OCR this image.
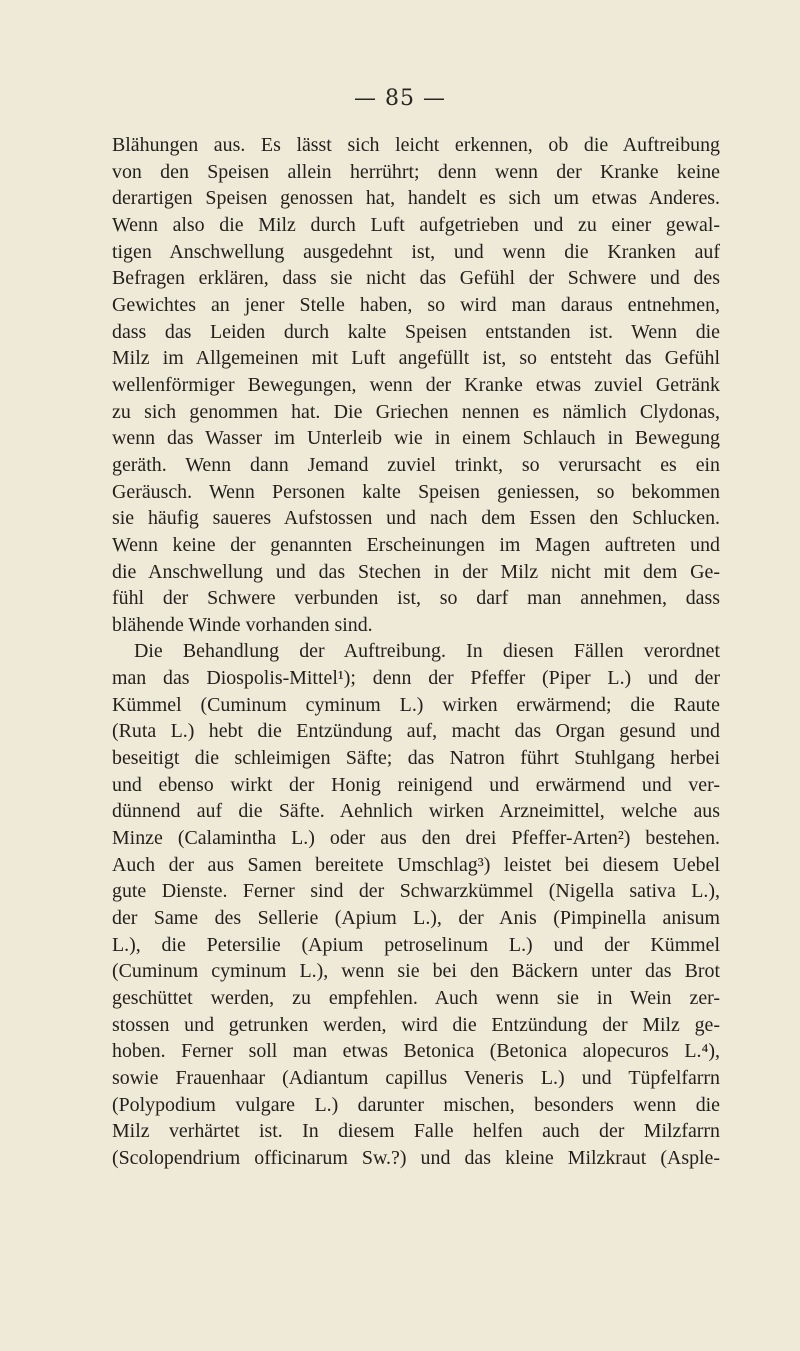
— 85 —
Blähungen aus. Es lässt sich leicht erkennen, ob die Auftreibung
von den Speisen allein herrührt; denn wenn der Kranke keine
derartigen Speisen genossen hat, handelt es sich um etwas Anderes.
Wenn also die Milz durch Luft aufgetrieben und zu einer gewal-
tigen Anschwellung ausgedehnt ist, und wenn die Kranken auf
Befragen erklären, dass sie nicht das Gefühl der Schwere und des
Gewichtes an jener Stelle haben, so wird man daraus entnehmen,
dass das Leiden durch kalte Speisen entstanden ist. Wenn die
Milz im Allgemeinen mit Luft angefüllt ist, so entsteht das Gefühl
wellenförmiger Bewegungen, wenn der Kranke etwas zuviel Getränk
zu sich genommen hat. Die Griechen nennen es nämlich Clydonas,
wenn das Wasser im Unterleib wie in einem Schlauch in Bewegung
geräth. Wenn dann Jemand zuviel trinkt, so verursacht es ein
Geräusch. Wenn Personen kalte Speisen geniessen, so bekommen
sie häufig saueres Aufstossen und nach dem Essen den Schlucken.
Wenn keine der genannten Erscheinungen im Magen auftreten und
die Anschwellung und das Stechen in der Milz nicht mit dem Ge-
fühl der Schwere verbunden ist, so darf man annehmen, dass
blähende Winde vorhanden sind.
Die Behandlung der Auftreibung. In diesen Fällen verordnet
man das Diospolis-Mittel¹); denn der Pfeffer (Piper L.) und der
Kümmel (Cuminum cyminum L.) wirken erwärmend; die Raute
(Ruta L.) hebt die Entzündung auf, macht das Organ gesund und
beseitigt die schleimigen Säfte; das Natron führt Stuhlgang herbei
und ebenso wirkt der Honig reinigend und erwärmend und ver-
dünnend auf die Säfte. Aehnlich wirken Arzneimittel, welche aus
Minze (Calamintha L.) oder aus den drei Pfeffer-Arten²) bestehen.
Auch der aus Samen bereitete Umschlag³) leistet bei diesem Uebel
gute Dienste. Ferner sind der Schwarzkümmel (Nigella sativa L.),
der Same des Sellerie (Apium L.), der Anis (Pimpinella anisum
L.), die Petersilie (Apium petroselinum L.) und der Kümmel
(Cuminum cyminum L.), wenn sie bei den Bäckern unter das Brot
geschüttet werden, zu empfehlen. Auch wenn sie in Wein zer-
stossen und getrunken werden, wird die Entzündung der Milz ge-
hoben. Ferner soll man etwas Betonica (Betonica alopecuros L.⁴),
sowie Frauenhaar (Adiantum capillus Veneris L.) und Tüpfelfarrn
(Polypodium vulgare L.) darunter mischen, besonders wenn die
Milz verhärtet ist. In diesem Falle helfen auch der Milzfarrn
(Scolopendrium officinarum Sw.?) und das kleine Milzkraut (Asple-
